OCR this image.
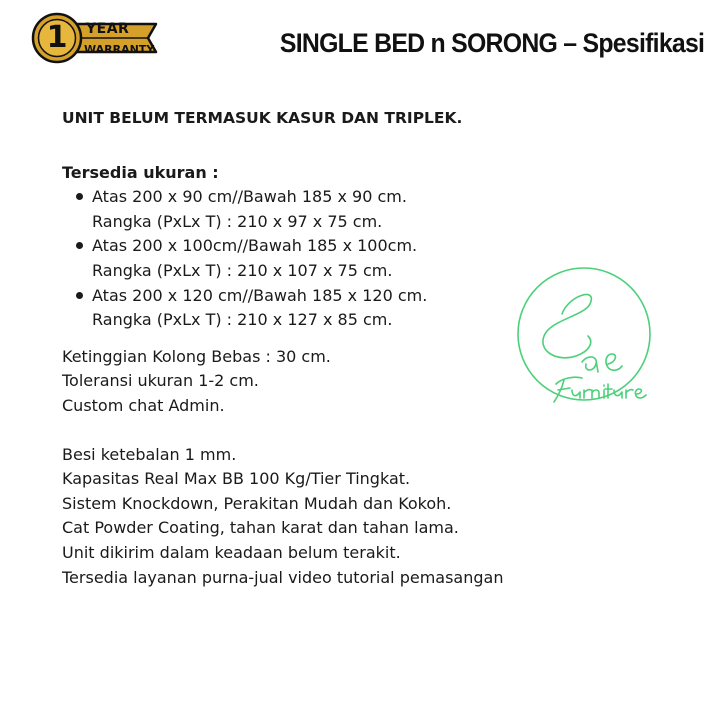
1	YEAR
WARRANTY	SINGLE BED n SORONG – Spesifikasi

UNIT BELUM TERMASUK KASUR DAN TRIPLEK.

Tersedia ukuran :

Atas 200 x 90 cm//Bawah 185 x 90 cm.
Rangka (PxLx T) : 210 x 97 x 75 cm.
Atas 200 x 100cm//Bawah 185 x 100cm.
Rangka (PxLx T) : 210 x 107 x 75 cm.
Atas 200 x 120 cm//Bawah 185 x 120 cm.
Rangka (PxLx T) : 210 x 127 x 85 cm.

Ketinggian Kolong Bebas : 30 cm.

Toleransi ukuran 1-2 cm.

Custom chat Admin.

Besi ketebalan 1 mm.

Kapasitas Real Max BB 100 Kg/Tier Tingkat.

Sistem Knockdown, Perakitan Mudah dan Kokoh.

Cat Powder Coating, tahan karat dan tahan lama.

Unit dikirim dalam keadaan belum terakit.

Tersedia layanan purna-jual video tutorial pemasangan
